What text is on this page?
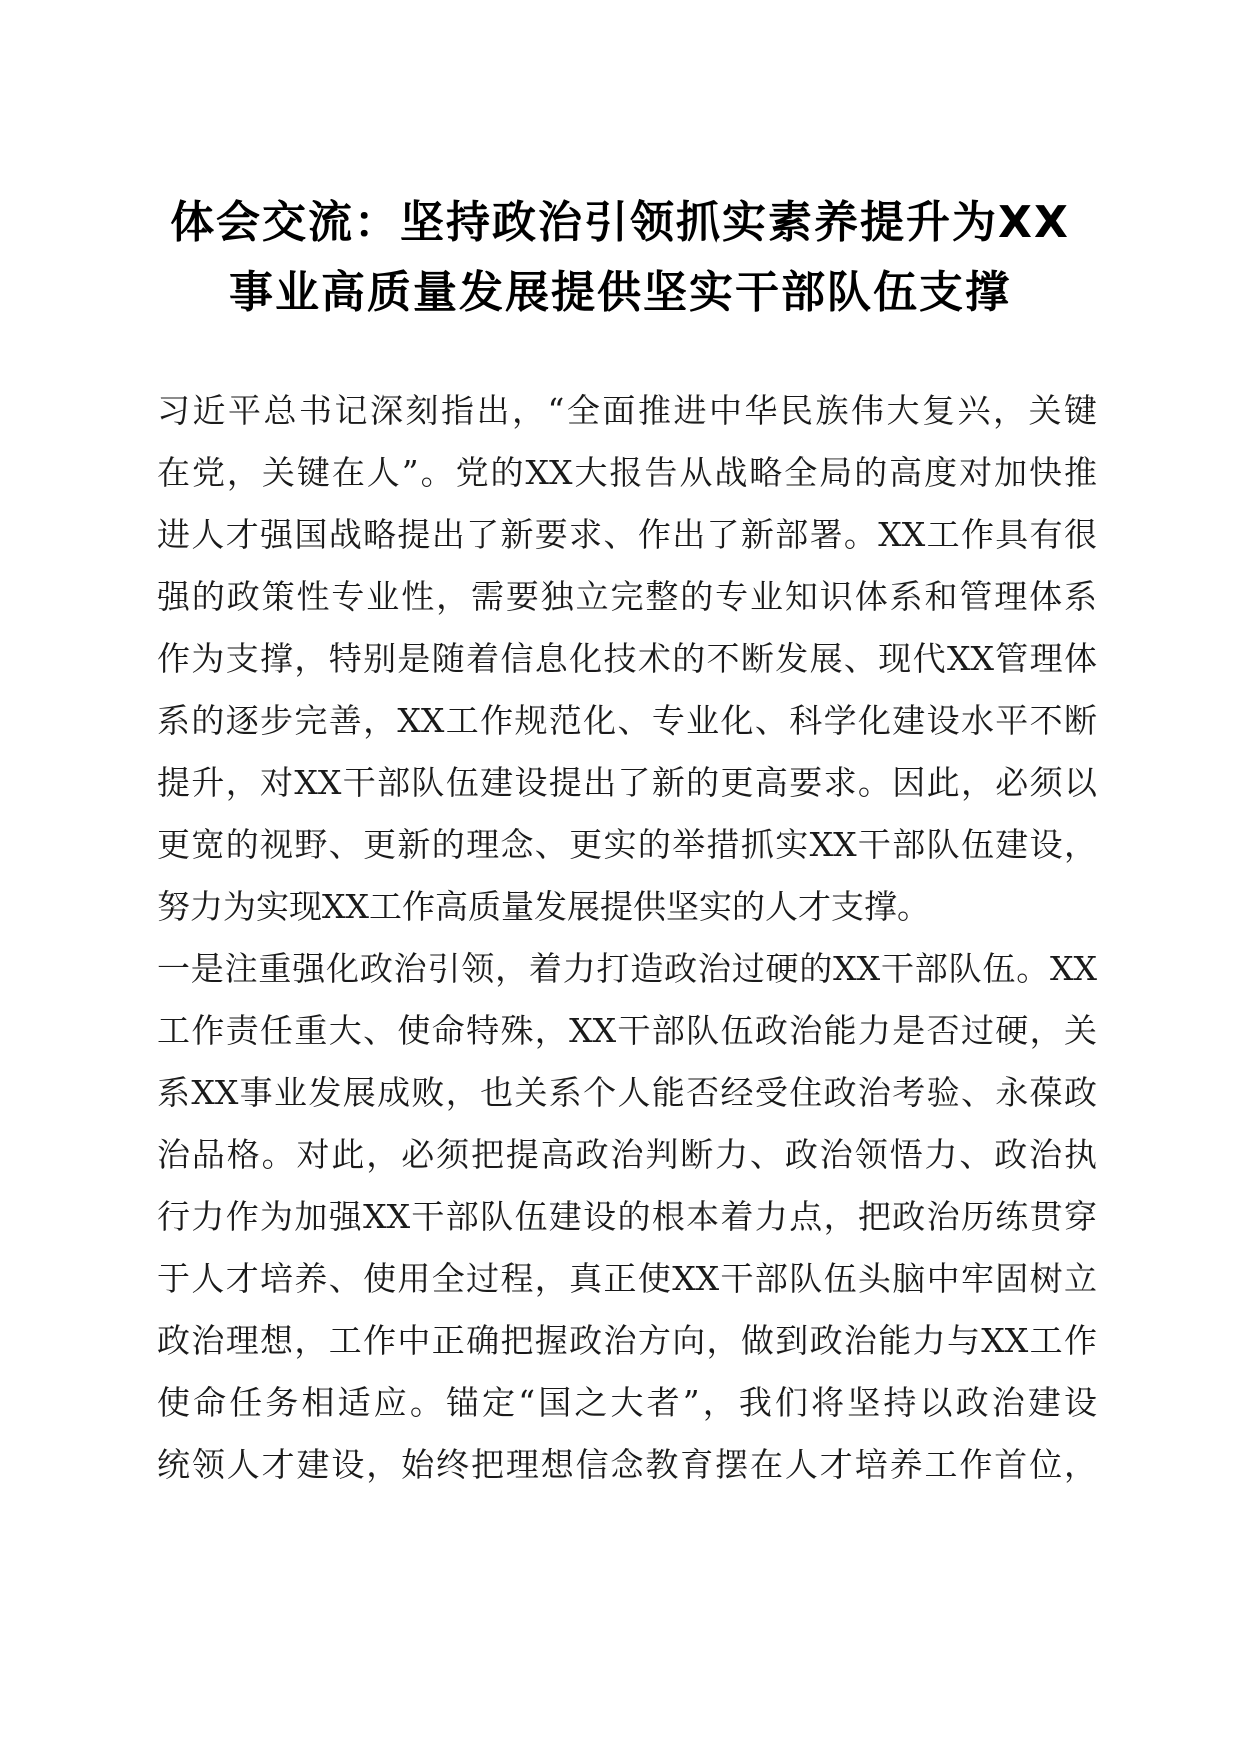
体会交流：坚持政治引领抓实素养提升为XX
事业高质量发展提供坚实干部队伍支撑
习近平总书记深刻指出，“全面推进中华民族伟大复兴，关键
在党，关键在人”。党的XX大报告从战略全局的高度对加快推
进人才强国战略提出了新要求、作出了新部署。XX工作具有很
强的政策性专业性，需要独立完整的专业知识体系和管理体系
作为支撑，特别是随着信息化技术的不断发展、现代XX管理体
系的逐步完善，XX工作规范化、专业化、科学化建设水平不断
提升，对XX干部队伍建设提出了新的更高要求。因此，必须以
更宽的视野、更新的理念、更实的举措抓实XX干部队伍建设，
努力为实现XX工作高质量发展提供坚实的人才支撑。
一是注重强化政治引领，着力打造政治过硬的XX干部队伍。XX
工作责任重大、使命特殊，XX干部队伍政治能力是否过硬，关
系XX事业发展成败，也关系个人能否经受住政治考验、永葆政
治品格。对此，必须把提高政治判断力、政治领悟力、政治执
行力作为加强XX干部队伍建设的根本着力点，把政治历练贯穿
于人才培养、使用全过程，真正使XX干部队伍头脑中牢固树立
政治理想，工作中正确把握政治方向，做到政治能力与XX工作
使命任务相适应。锚定“国之大者”，我们将坚持以政治建设
统领人才建设，始终把理想信念教育摆在人才培养工作首位，
